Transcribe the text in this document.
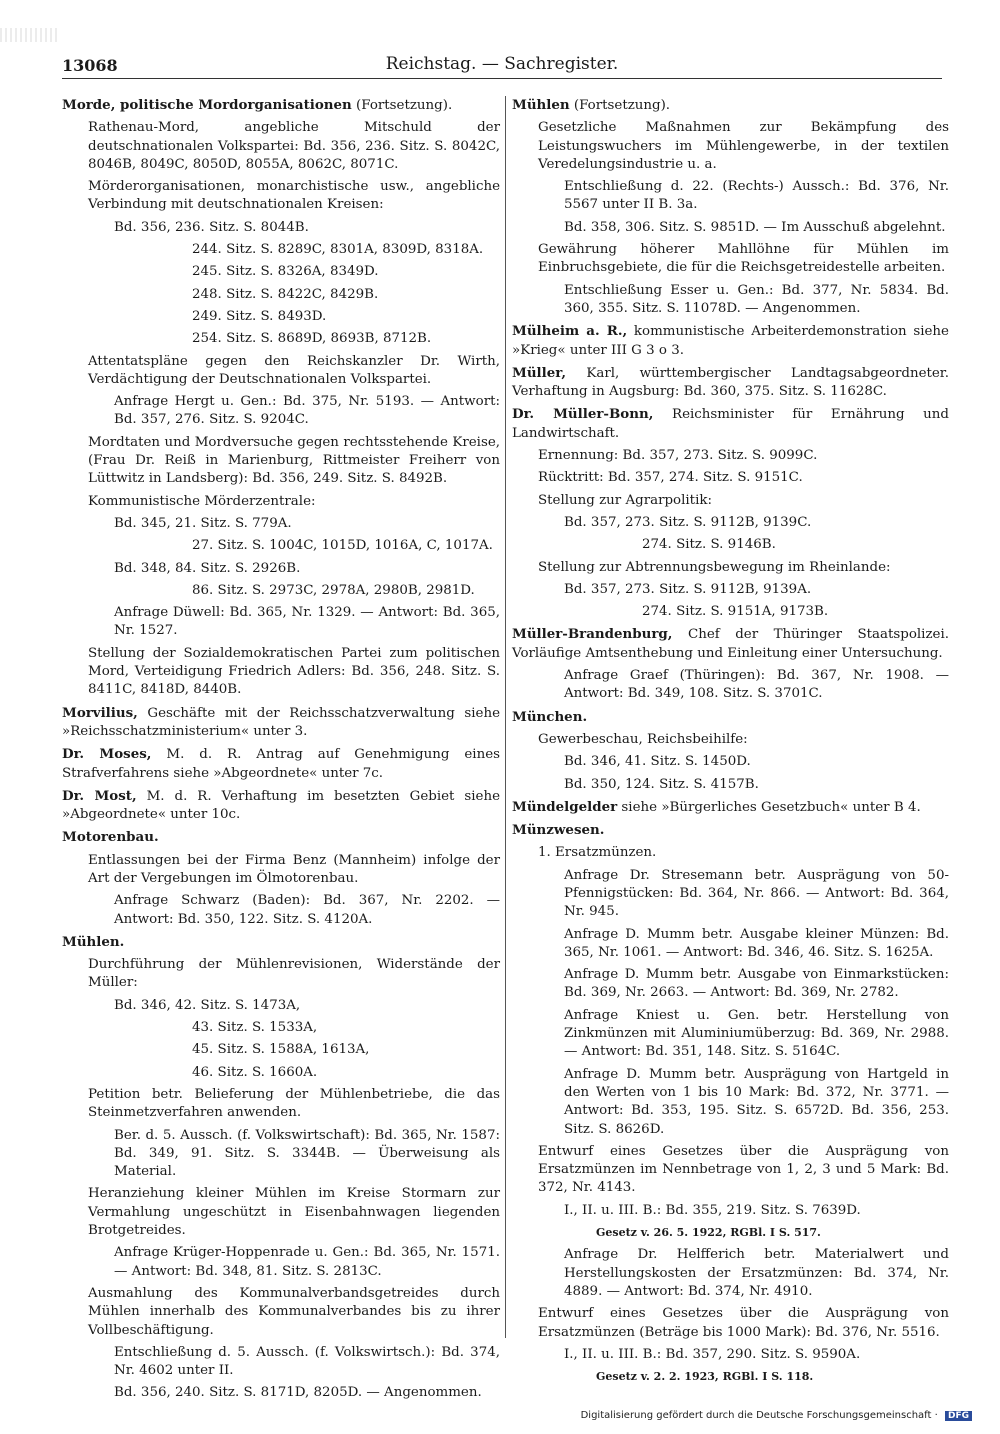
13068	Reichstag. — Sachregister.
Morde, politische Mordorganisationen (Fortsetzung).
Rathenau-Mord, angebliche Mitschuld der deutschnationalen Volkspartei: Bd. 356, 236. Sitz. S. 8042C, 8046B, 8049C, 8050D, 8055A, 8062C, 8071C.
Mörderorganisationen, monarchistische usw., angebliche Verbindung mit deutschnationalen Kreisen:
Bd. 356, 236. Sitz. S. 8044B.
244. Sitz. S. 8289C, 8301A, 8309D, 8318A.
245. Sitz. S. 8326A, 8349D.
248. Sitz. S. 8422C, 8429B.
249. Sitz. S. 8493D.
254. Sitz. S. 8689D, 8693B, 8712B.
Attentatspläne gegen den Reichskanzler Dr. Wirth, Verdächtigung der Deutschnationalen Volkspartei.
Anfrage Hergt u. Gen.: Bd. 375, Nr. 5193. — Antwort: Bd. 357, 276. Sitz. S. 9204C.
Mordtaten und Mordversuche gegen rechtsstehende Kreise, (Frau Dr. Reiß in Marienburg, Rittmeister Freiherr von Lüttwitz in Landsberg): Bd. 356, 249. Sitz. S. 8492B.
Kommunistische Mörderzentrale:
Bd. 345, 21. Sitz. S. 779A.
27. Sitz. S. 1004C, 1015D, 1016A, C, 1017A.
Bd. 348, 84. Sitz. S. 2926B.
86. Sitz. S. 2973C, 2978A, 2980B, 2981D.
Anfrage Düwell: Bd. 365, Nr. 1329. — Antwort: Bd. 365, Nr. 1527.
Stellung der Sozialdemokratischen Partei zum politischen Mord, Verteidigung Friedrich Adlers: Bd. 356, 248. Sitz. S. 8411C, 8418D, 8440B.
Morvilius, Geschäfte mit der Reichsschatzverwaltung siehe »Reichsschatzministerium« unter 3.
Dr. Moses, M. d. R. Antrag auf Genehmigung eines Strafverfahrens siehe »Abgeordnete« unter 7c.
Dr. Most, M. d. R. Verhaftung im besetzten Gebiet siehe »Abgeordnete« unter 10c.
Motorenbau.
Entlassungen bei der Firma Benz (Mannheim) infolge der Art der Vergebungen im Ölmotorenbau.
Anfrage Schwarz (Baden): Bd. 367, Nr. 2202. — Antwort: Bd. 350, 122. Sitz. S. 4120A.
Mühlen.
Durchführung der Mühlenrevisionen, Widerstände der Müller:
Bd. 346, 42. Sitz. S. 1473A,
43. Sitz. S. 1533A,
45. Sitz. S. 1588A, 1613A,
46. Sitz. S. 1660A.
Petition betr. Belieferung der Mühlenbetriebe, die das Steinmetzverfahren anwenden.
Ber. d. 5. Aussch. (f. Volkswirtschaft): Bd. 365, Nr. 1587: Bd. 349, 91. Sitz. S. 3344B. — Überweisung als Material.
Heranziehung kleiner Mühlen im Kreise Stormarn zur Vermahlung ungeschützt in Eisenbahnwagen liegenden Brotgetreides.
Anfrage Krüger-Hoppenrade u. Gen.: Bd. 365, Nr. 1571. — Antwort: Bd. 348, 81. Sitz. S. 2813C.
Ausmahlung des Kommunalverbandsgetreides durch Mühlen innerhalb des Kommunalverbandes bis zu ihrer Vollbeschäftigung.
Entschließung d. 5. Aussch. (f. Volkswirtsch.): Bd. 374, Nr. 4602 unter II.
Bd. 356, 240. Sitz. S. 8171D, 8205D. — Angenommen.
Mühlen (Fortsetzung).
Gesetzliche Maßnahmen zur Bekämpfung des Leistungswuchers im Mühlengewerbe, in der textilen Veredelungsindustrie u. a.
Entschließung d. 22. (Rechts-) Aussch.: Bd. 376, Nr. 5567 unter II B. 3a.
Bd. 358, 306. Sitz. S. 9851D. — Im Ausschuß abgelehnt.
Gewährung höherer Mahllöhne für Mühlen im Einbruchsgebiete, die für die Reichsgetreidestelle arbeiten.
Entschließung Esser u. Gen.: Bd. 377, Nr. 5834. Bd. 360, 355. Sitz. S. 11078D. — Angenommen.
Mülheim a. R., kommunistische Arbeiterdemonstration siehe »Krieg« unter III G 3 o 3.
Müller, Karl, württembergischer Landtagsabgeordneter. Verhaftung in Augsburg: Bd. 360, 375. Sitz. S. 11628C.
Dr. Müller-Bonn, Reichsminister für Ernährung und Landwirtschaft.
Ernennung: Bd. 357, 273. Sitz. S. 9099C.
Rücktritt: Bd. 357, 274. Sitz. S. 9151C.
Stellung zur Agrarpolitik:
Bd. 357, 273. Sitz. S. 9112B, 9139C.
274. Sitz. S. 9146B.
Stellung zur Abtrennungsbewegung im Rheinlande:
Bd. 357, 273. Sitz. S. 9112B, 9139A.
274. Sitz. S. 9151A, 9173B.
Müller-Brandenburg, Chef der Thüringer Staatspolizei. Vorläufige Amtsenthebung und Einleitung einer Untersuchung.
Anfrage Graef (Thüringen): Bd. 367, Nr. 1908. — Antwort: Bd. 349, 108. Sitz. S. 3701C.
München.
Gewerbeschau, Reichsbeihilfe:
Bd. 346, 41. Sitz. S. 1450D.
Bd. 350, 124. Sitz. S. 4157B.
Mündelgelder siehe »Bürgerliches Gesetzbuch« unter B 4.
Münzwesen.
1. Ersatzmünzen.
Anfrage Dr. Stresemann betr. Ausprägung von 50-Pfennigstücken: Bd. 364, Nr. 866. — Antwort: Bd. 364, Nr. 945.
Anfrage D. Mumm betr. Ausgabe kleiner Münzen: Bd. 365, Nr. 1061. — Antwort: Bd. 346, 46. Sitz. S. 1625A.
Anfrage D. Mumm betr. Ausgabe von Einmarkstücken: Bd. 369, Nr. 2663. — Antwort: Bd. 369, Nr. 2782.
Anfrage Kniest u. Gen. betr. Herstellung von Zinkmünzen mit Aluminiumüberzug: Bd. 369, Nr. 2988. — Antwort: Bd. 351, 148. Sitz. S. 5164C.
Anfrage D. Mumm betr. Ausprägung von Hartgeld in den Werten von 1 bis 10 Mark: Bd. 372, Nr. 3771. — Antwort: Bd. 353, 195. Sitz. S. 6572D. Bd. 356, 253. Sitz. S. 8626D.
Entwurf eines Gesetzes über die Ausprägung von Ersatzmünzen im Nennbetrage von 1, 2, 3 und 5 Mark: Bd. 372, Nr. 4143.
I., II. u. III. B.: Bd. 355, 219. Sitz. S. 7639D.
Gesetz v. 26. 5. 1922, RGBl. I S. 517.
Anfrage Dr. Helfferich betr. Materialwert und Herstellungskosten der Ersatzmünzen: Bd. 374, Nr. 4889. — Antwort: Bd. 374, Nr. 4910.
Entwurf eines Gesetzes über die Ausprägung von Ersatzmünzen (Beträge bis 1000 Mark): Bd. 376, Nr. 5516.
I., II. u. III. B.: Bd. 357, 290. Sitz. S. 9590A.
Gesetz v. 2. 2. 1923, RGBl. I S. 118.
Digitalisierung gefördert durch die Deutsche Forschungsgemeinschaft · DFG
